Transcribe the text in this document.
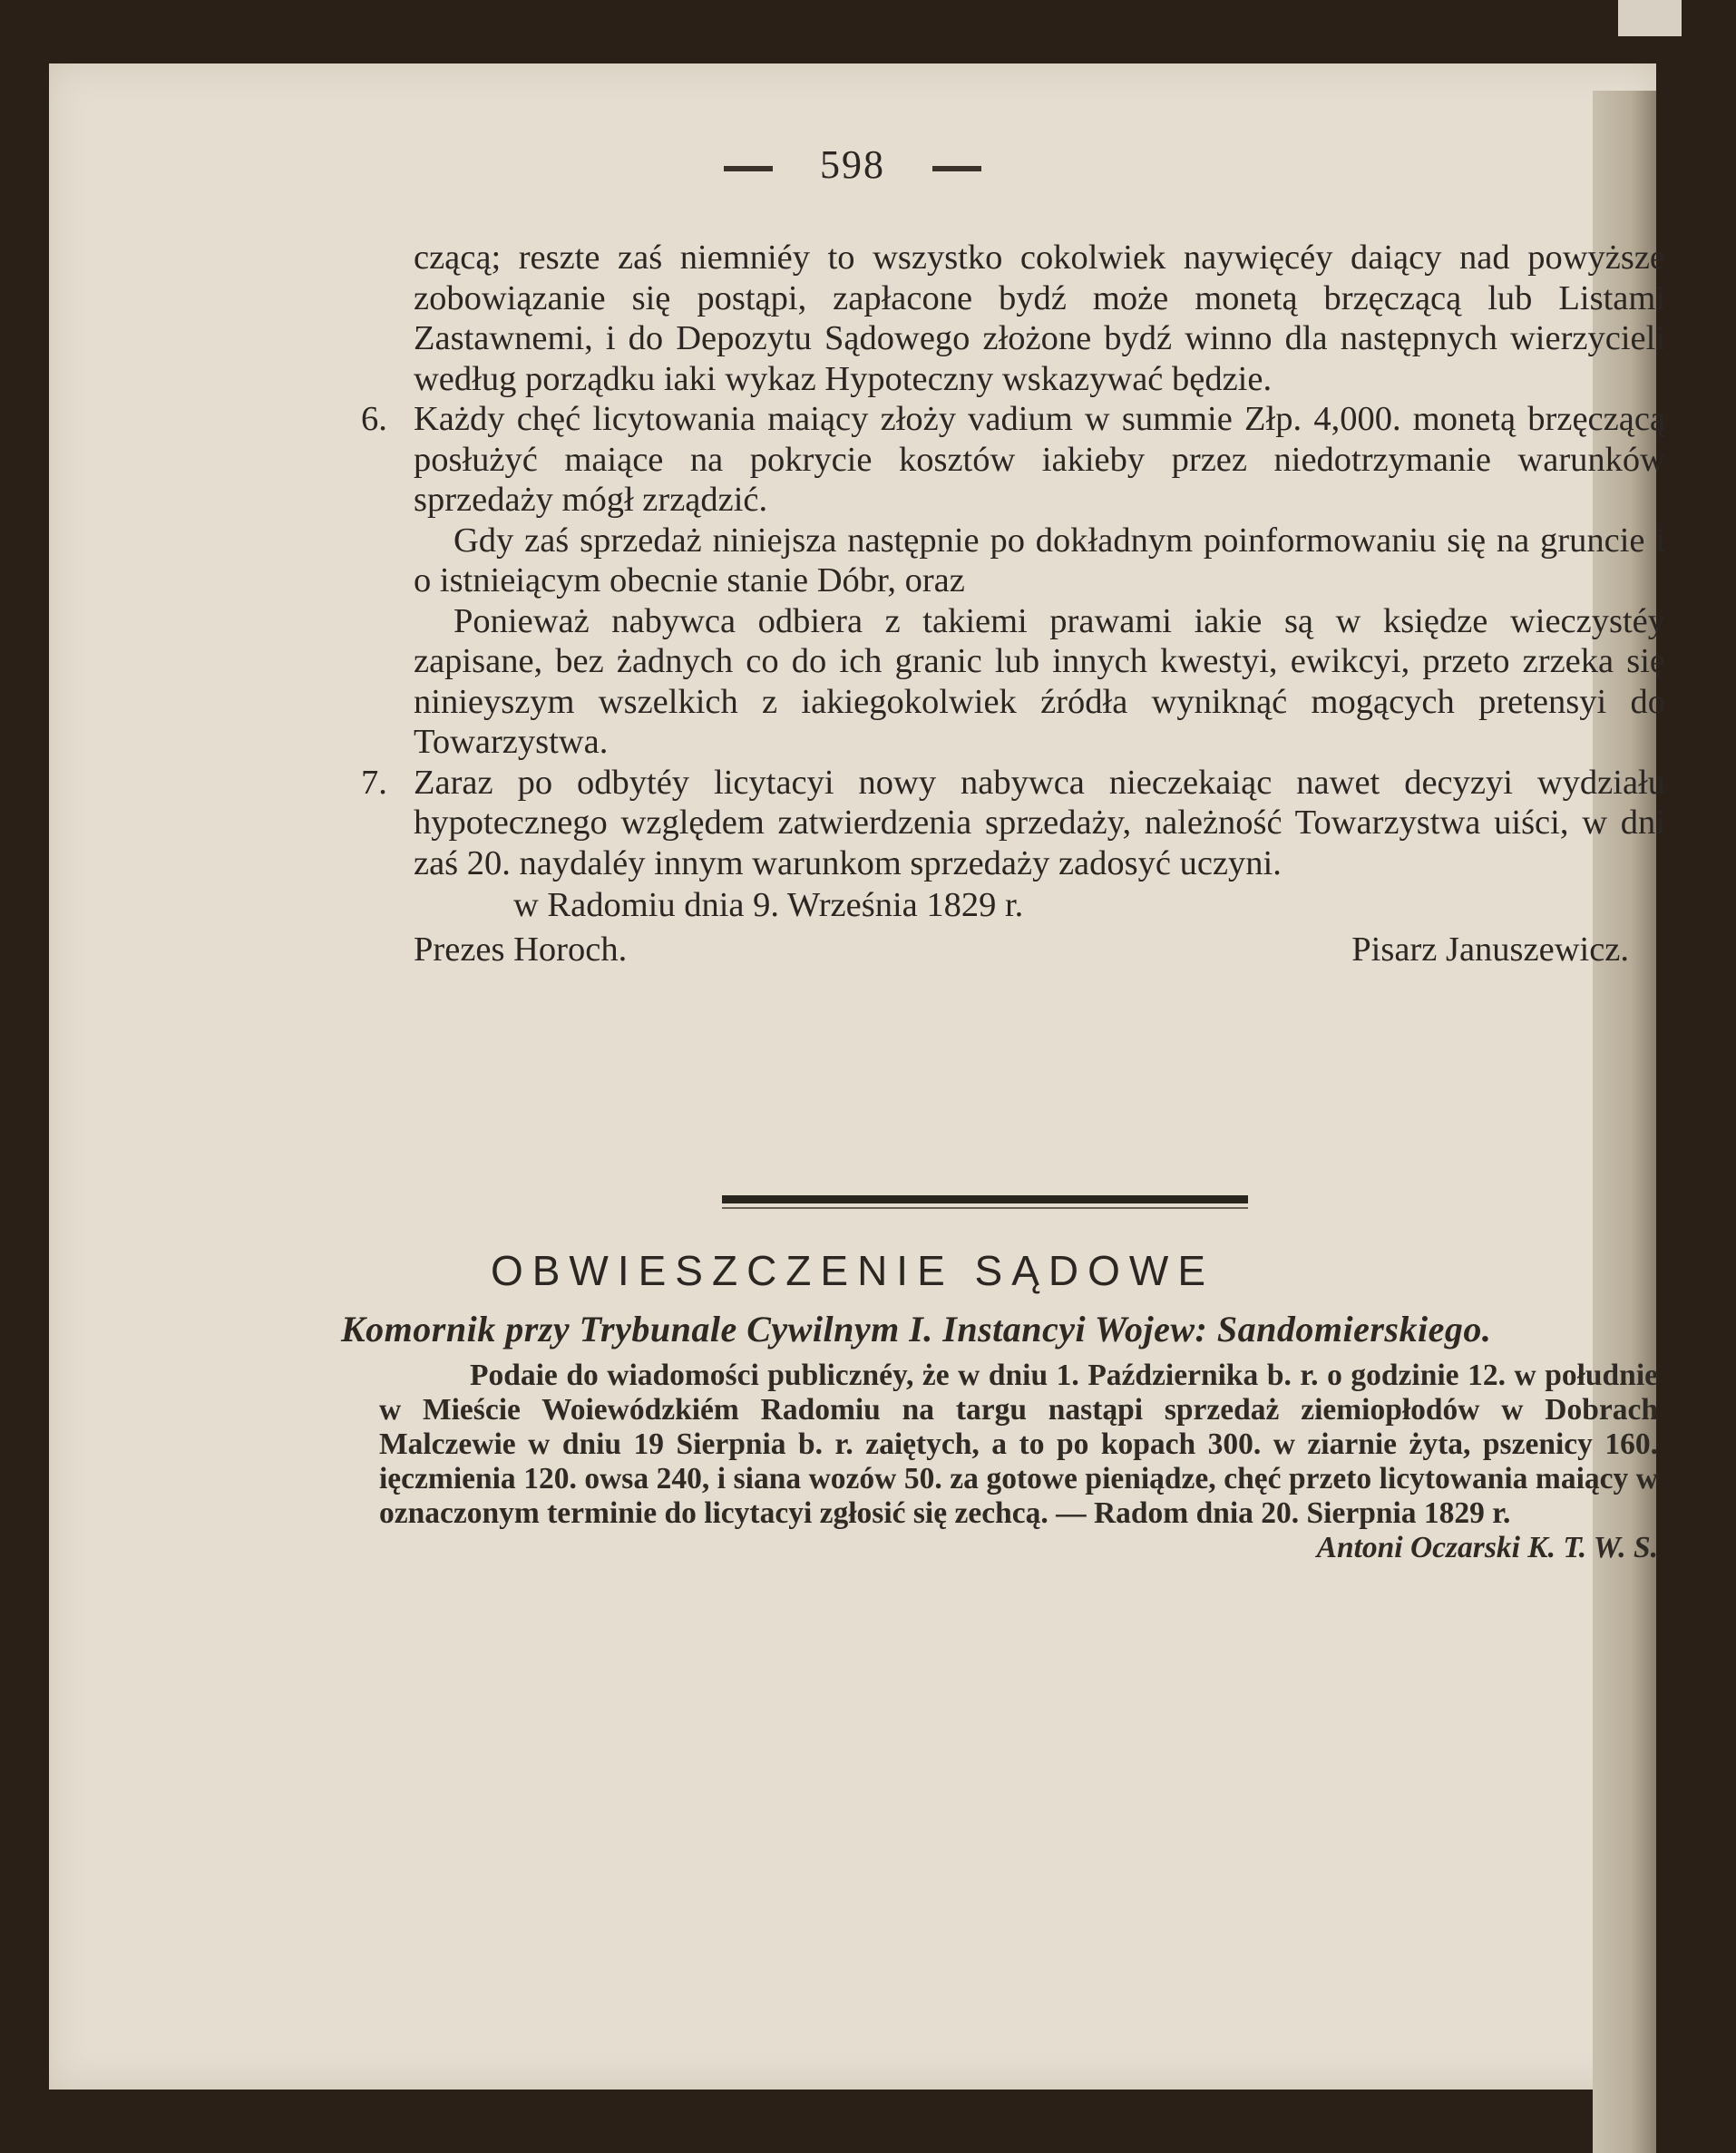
598

czącą; reszte zaś niemniéy to wszystko cokolwiek naywięcéy daiący nad powyższe zobowiązanie się postąpi, zapłacone bydź może monetą brzęczącą lub Listami Zastawnemi, i do Depozytu Sądowego złożone bydź winno dla następnych wierzycieli według porządku iaki wykaz Hypoteczny wskazywać będzie.

6. Każdy chęć licytowania maiący złoży vadium w summie Złp. 4,000. monetą brzęczącą posłużyć maiące na pokrycie kosztów iakieby przez niedotrzymanie warunków sprzedaży mógł zrządzić.

Gdy zaś sprzedaż niniejsza następnie po dokładnym poinformowaniu się na gruncie i o istnieiącym obecnie stanie Dóbr, oraz

Ponieważ nabywca odbiera z takiemi prawami iakie są w księdze wieczystéy zapisane, bez żadnych co do ich granic lub innych kwestyi, ewikcyi, przeto zrzeka się ninieyszym wszelkich z iakiegokolwiek źródła wyniknąć mogących pretensyi do Towarzystwa.

7. Zaraz po odbytéy licytacyi nowy nabywca nieczekaiąc nawet decyzyi wydziału hypotecznego względem zatwierdzenia sprzedaży, należność Towarzystwa uiści, w dni zaś 20. naydaléy innym warunkom sprzedaży zadosyć uczyni.

w Radomiu dnia 9. Września 1829 r.

Prezes Horoch.	Pisarz Januszewicz.
OBWIESZCZENIE SĄDOWE
Komornik przy Trybunale Cywilnym I. Instancyi Wojew: Sandomierskiego.

Podaie do wiadomości publicznéy, że w dniu 1. Października b. r. o godzinie 12. w południe w Mieście Woiewódzkiém Radomiu na targu nastąpi sprzedaż ziemiopłodów w Dobrach Malczewie w dniu 19 Sierpnia b. r. zaiętych, a to po kopach 300. w ziarnie żyta, pszenicy 160. ięczmienia 120. owsa 240, i siana wozów 50. za gotowe pieniądze, chęć przeto licytowania maiący w oznaczonym terminie do licytacyi zgłosić się zechcą. — Radom dnia 20. Sierpnia 1829 r.

Antoni Oczarski K. T. W. S.
